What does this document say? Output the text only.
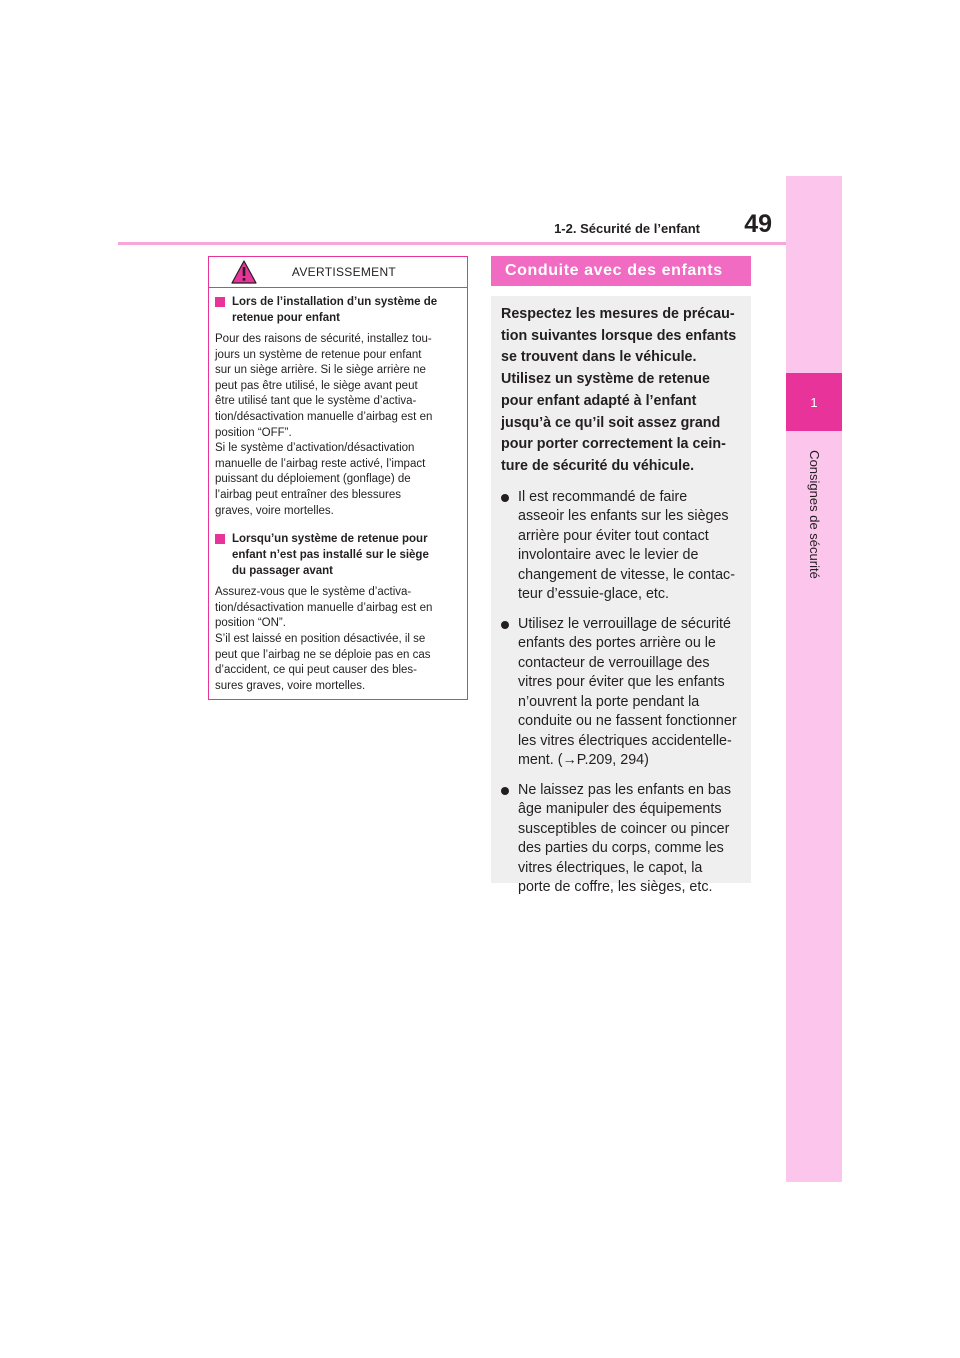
1
Consignes de sécurité
1-2. Sécurité de l’enfant	49
AVERTISSEMENT
Lors de l’installation d’un système de
retenue pour enfant
Pour des raisons de sécurité, installez tou-
jours un système de retenue pour enfant
sur un siège arrière. Si le siège arrière ne
peut pas être utilisé, le siège avant peut
être utilisé tant que le système d’activa-
tion/désactivation manuelle d’airbag est en
position “OFF”.
Si le système d’activation/désactivation
manuelle de l’airbag reste activé, l’impact
puissant du déploiement (gonflage) de
l’airbag peut entraîner des blessures
graves, voire mortelles.
Lorsqu’un système de retenue pour
enfant n’est pas installé sur le siège
du passager avant
Assurez-vous que le système d’activa-
tion/désactivation manuelle d’airbag est en
position “ON”.
S’il est laissé en position désactivée, il se
peut que l’airbag ne se déploie pas en cas
d’accident, ce qui peut causer des bles-
sures graves, voire mortelles.
Conduite avec des enfants
Respectez les mesures de précau-
tion suivantes lorsque des enfants
se trouvent dans le véhicule.
Utilisez un système de retenue
pour enfant adapté à l’enfant
jusqu’à ce qu’il soit assez grand
pour porter correctement la cein-
ture de sécurité du véhicule.
Il est recommandé de faire
asseoir les enfants sur les sièges
arrière pour éviter tout contact
involontaire avec le levier de
changement de vitesse, le contac-
teur d’essuie-glace, etc.
Utilisez le verrouillage de sécurité
enfants des portes arrière ou le
contacteur de verrouillage des
vitres pour éviter que les enfants
n’ouvrent la porte pendant la
conduite ou ne fassent fonctionner
les vitres électriques accidentelle-
ment. (→P.209, 294)
Ne laissez pas les enfants en bas
âge manipuler des équipements
susceptibles de coincer ou pincer
des parties du corps, comme les
vitres électriques, le capot, la
porte de coffre, les sièges, etc.
